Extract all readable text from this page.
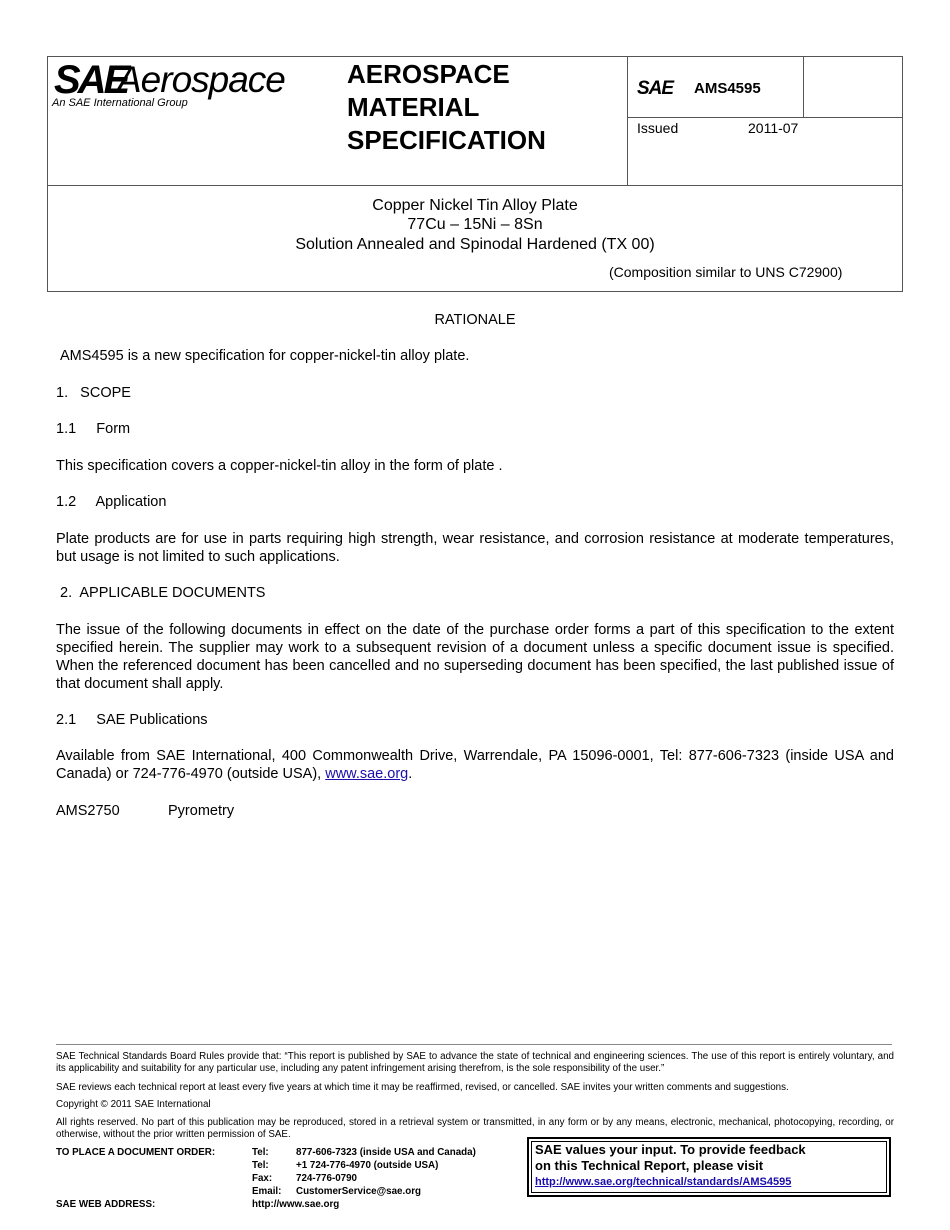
SAE
Aerospace
An SAE International Group
AEROSPACE
MATERIAL
SPECIFICATION
SAE AMS4595
Issued	2011-07
Copper Nickel Tin Alloy Plate
77Cu – 15Ni – 8Sn
Solution Annealed and Spinodal Hardened (TX 00)
(Composition similar to UNS C72900)
RATIONALE
AMS4595 is a new specification for copper-nickel-tin alloy plate.
1.   SCOPE
1.1     Form
This specification covers a copper-nickel-tin alloy in the form of plate .
1.2     Application
Plate products are for use in parts requiring high strength, wear resistance, and corrosion resistance at moderate temperatures, but usage is not limited to such applications.
2.  APPLICABLE DOCUMENTS
The issue of the following documents in effect on the date of the purchase order forms a part of this specification to the extent specified herein. The supplier may work to a subsequent revision of a document unless a specific document issue is specified. When the referenced document has been cancelled and no superseding document has been specified, the last published issue of that document shall apply.
2.1     SAE Publications
Available from SAE International, 400 Commonwealth Drive, Warrendale, PA 15096-0001, Tel: 877-606-7323 (inside USA and Canada) or 724-776-4970 (outside USA), www.sae.org.
AMS2750	Pyrometry
SAE Technical Standards Board Rules provide that: “This report is published by SAE to advance the state of technical and engineering sciences. The use of this report is entirely voluntary, and its applicability and suitability for any particular use, including any patent infringement arising therefrom, is the sole responsibility of the user.”
SAE reviews each technical report at least every five years at which time it may be reaffirmed, revised, or cancelled. SAE invites your written comments and suggestions.
Copyright © 2011 SAE International
All rights reserved. No part of this publication may be reproduced, stored in a retrieval system or transmitted, in any form or by any means, electronic, mechanical, photocopying, recording, or otherwise, without the prior written permission of SAE.
TO PLACE A DOCUMENT ORDER:	Tel:	877-606-7323 (inside USA and Canada)
Tel:	+1 724-776-4970 (outside USA)
Fax: 724-776-0790
Email: CustomerService@sae.org
SAE WEB ADDRESS:	http://www.sae.org
SAE values your input. To provide feedback
on this Technical Report, please visit
http://www.sae.org/technical/standards/AMS4595
